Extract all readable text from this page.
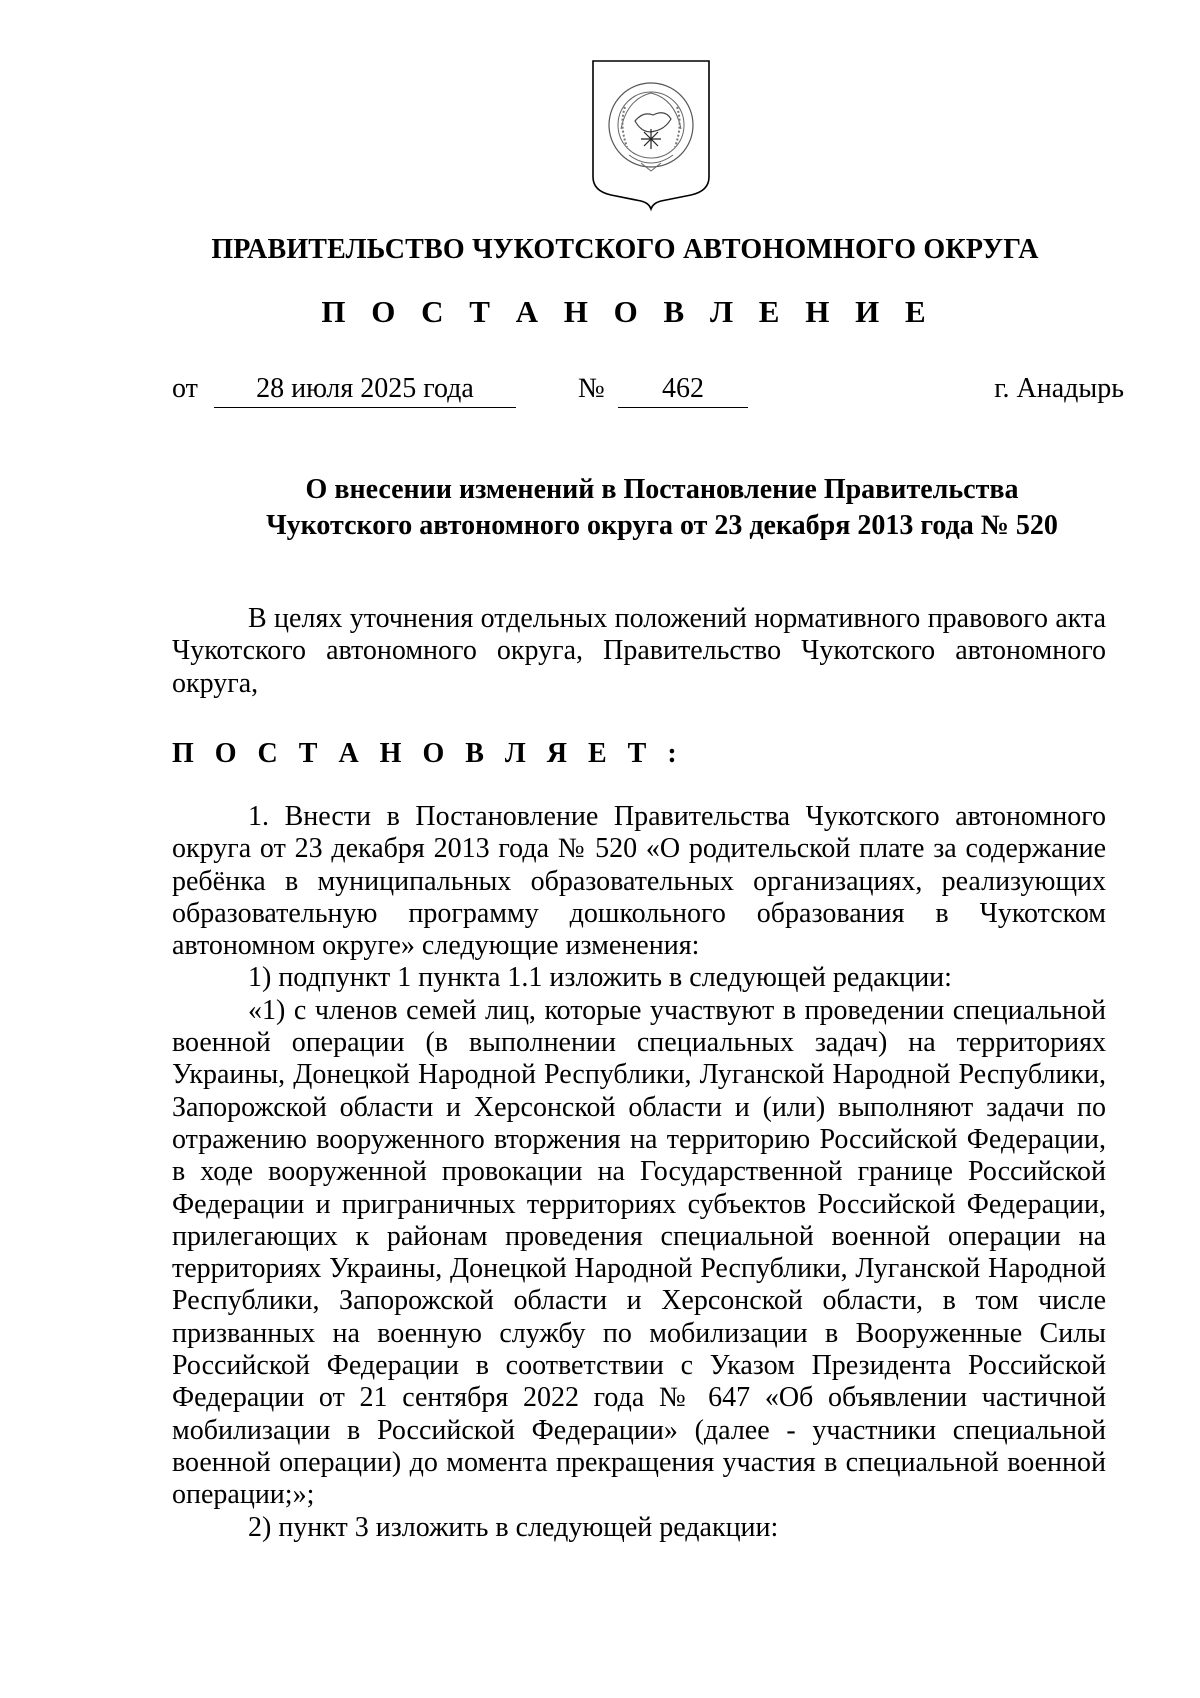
ПРАВИТЕЛЬСТВО ЧУКОТСКОГО АВТОНОМНОГО ОКРУГА
П О С Т А Н О В Л Е Н И Е
от	28 июля 2025 года	№	462	г. Анадырь
О внесении изменений в Постановление Правительства
Чукотского автономного округа от 23 декабря 2013 года № 520

В целях уточнения отдельных положений нормативного правового акта Чукотского автономного округа, Правительство Чукотского автономного округа,

П О С Т А Н О В Л Я Е Т :

1. Внести в Постановление Правительства Чукотского автономного округа от 23 декабря 2013 года № 520 «О родительской плате за содержание ребёнка в муниципальных образовательных организациях, реализующих образовательную программу дошкольного образования в Чукотском автономном округе» следующие изменения:

1) подпункт 1 пункта 1.1 изложить в следующей редакции:

«1) с членов семей лиц, которые участвуют в проведении специальной военной операции (в выполнении специальных задач) на территориях Украины, Донецкой Народной Республики, Луганской Народной Республики, Запорожской области и Херсонской области и (или) выполняют задачи по отражению вооруженного вторжения на территорию Российской Федерации, в ходе вооруженной провокации на Государственной границе Российской Федерации и приграничных территориях субъектов Российской Федерации, прилегающих к районам проведения специальной военной операции на территориях Украины, Донецкой Народной Республики, Луганской Народной Республики, Запорожской области и Херсонской области, в том числе призванных на военную службу по мобилизации в Вооруженные Силы Российской Федерации в соответствии с Указом Президента Российской Федерации от 21 сентября 2022 года № 647 «Об объявлении частичной мобилизации в Российской Федерации» (далее - участники специальной военной операции) до момента прекращения участия в специальной военной операции;»;

2) пункт 3 изложить в следующей редакции:
